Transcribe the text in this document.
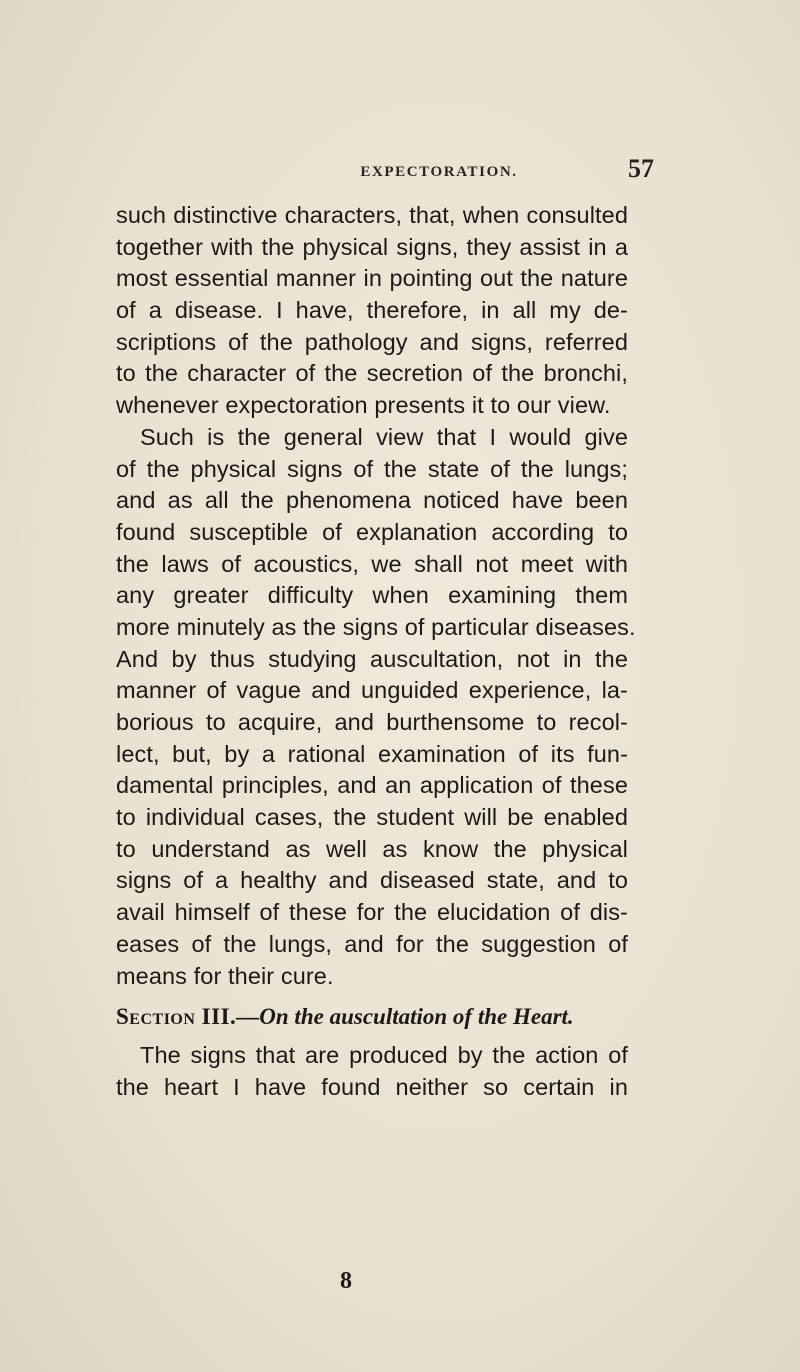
EXPECTORATION.	57
such distinctive characters, that, when consulted
together with the physical signs, they assist in a
most essential manner in pointing out the nature
of a disease. I have, therefore, in all my de-
scriptions of the pathology and signs, referred
to the character of the secretion of the bronchi,
whenever expectoration presents it to our view.
Such is the general view that I would give
of the physical signs of the state of the lungs;
and as all the phenomena noticed have been
found susceptible of explanation according to
the laws of acoustics, we shall not meet with
any greater difficulty when examining them
more minutely as the signs of particular diseases.
And by thus studying auscultation, not in the
manner of vague and unguided experience, la-
borious to acquire, and burthensome to recol-
lect, but, by a rational examination of its fun-
damental principles, and an application of these
to individual cases, the student will be enabled
to understand as well as know the physical
signs of a healthy and diseased state, and to
avail himself of these for the elucidation of dis-
eases of the lungs, and for the suggestion of
means for their cure.
Section III.—On the auscultation of the Heart.
The signs that are produced by the action of
the heart I have found neither so certain in
8
